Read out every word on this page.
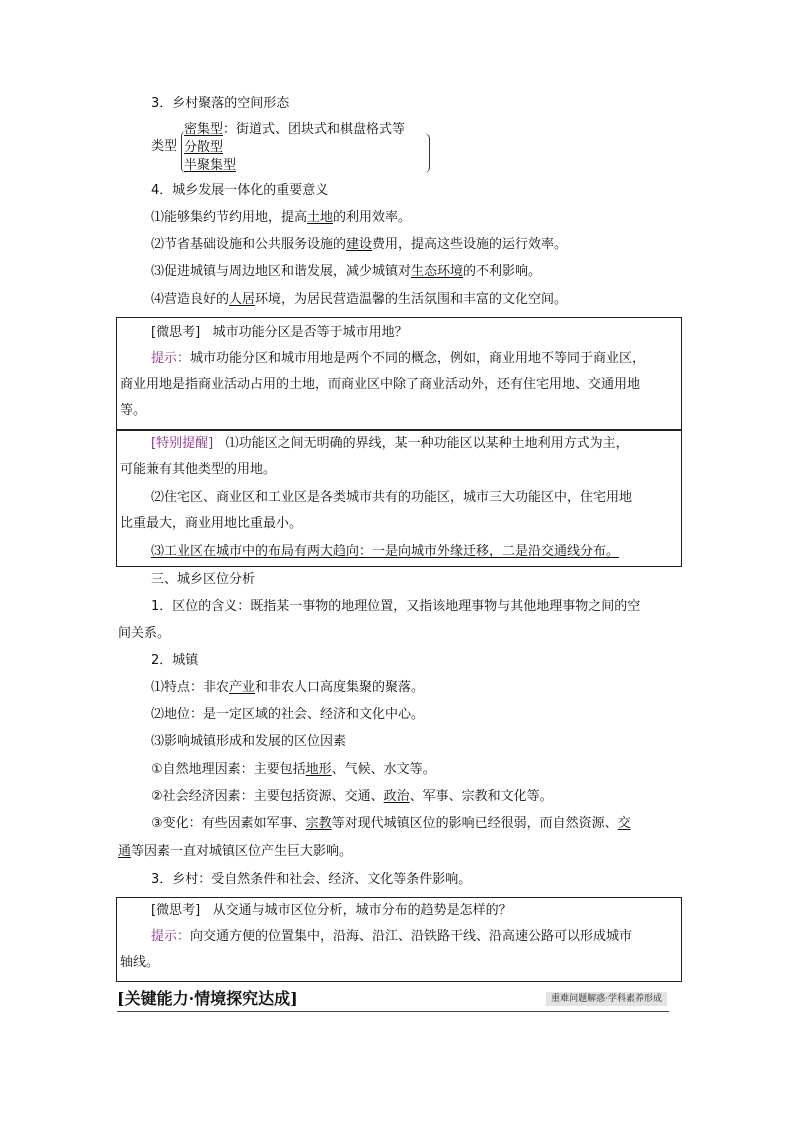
3．乡村聚落的空间形态
类型
密集型：街道式、团块式和棋盘格式等
分散型
半聚集型
4．城乡发展一体化的重要意义
⑴能够集约节约用地，提高土地的利用效率。
⑵节省基础设施和公共服务设施的建设费用，提高这些设施的运行效率。
⑶促进城镇与周边地区和谐发展，减少城镇对生态环境的不利影响。
⑷营造良好的人居环境，为居民营造温馨的生活氛围和丰富的文化空间。
[微思考] 城市功能分区是否等于城市用地？
提示：城市功能分区和城市用地是两个不同的概念，例如，商业用地不等同于商业区，
商业用地是指商业活动占用的土地，而商业区中除了商业活动外，还有住宅用地、交通用地
等。
[特别提醒] ⑴功能区之间无明确的界线，某一种功能区以某种土地利用方式为主，
可能兼有其他类型的用地。
⑵住宅区、商业区和工业区是各类城市共有的功能区，城市三大功能区中，住宅用地
比重最大，商业用地比重最小。
⑶工业区在城市中的布局有两大趋向：一是向城市外缘迁移，二是沿交通线分布。
三、城乡区位分析
1．区位的含义：既指某一事物的地理位置，又指该地理事物与其他地理事物之间的空
间关系。
2．城镇
⑴特点：非农产业和非农人口高度集聚的聚落。
⑵地位：是一定区域的社会、经济和文化中心。
⑶影响城镇形成和发展的区位因素
①自然地理因素：主要包括地形、气候、水文等。
②社会经济因素：主要包括资源、交通、政治、军事、宗教和文化等。
③变化：有些因素如军事、宗教等对现代城镇区位的影响已经很弱，而自然资源、交
通等因素一直对城镇区位产生巨大影响。
3．乡村：受自然条件和社会、经济、文化等条件影响。
[微思考] 从交通与城市区位分析，城市分布的趋势是怎样的？
提示：向交通方便的位置集中，沿海、沿江、沿铁路干线、沿高速公路可以形成城市
轴线。
[关键能力·情境探究达成]	重难问题解惑·学科素养形成
